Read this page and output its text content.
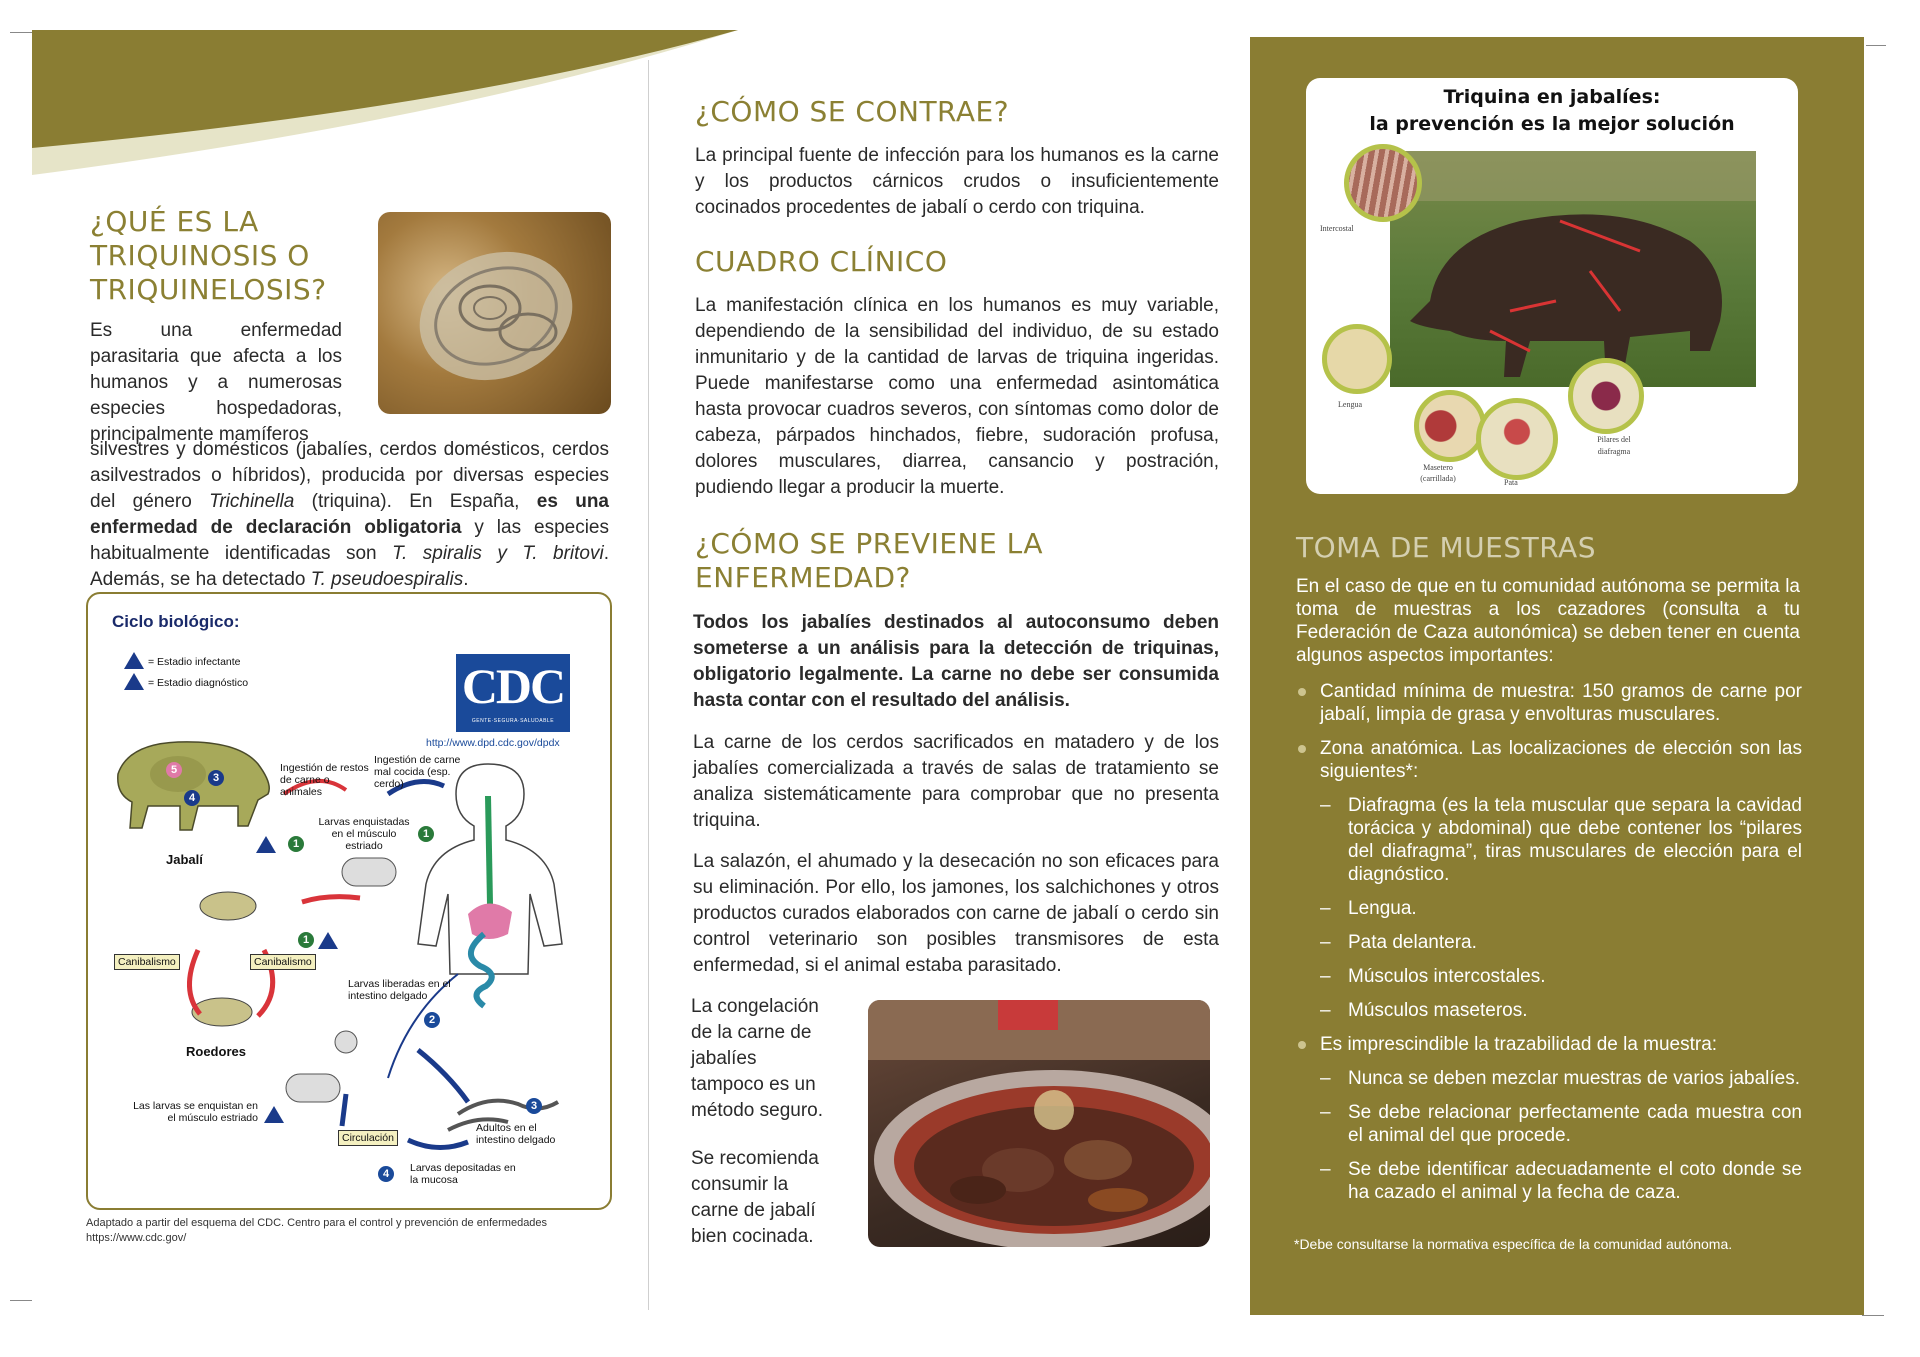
¿QUÉ ES LA
TRIQUINOSIS O
TRIQUINELOSIS?
Es una enfermedad parasitaria que afecta a los humanos y a numerosas especies hospedadoras, principalmente mamíferos
silvestres y domésticos (jabalíes, cerdos domésticos, cerdos asilvestrados o híbridos), producida por diversas especies del género Trichinella (triquina). En España, es una enfermedad de declaración obligatoria y las especies habitualmente identificadas son T. spiralis y T. britovi. Además, se ha detectado T. pseudoespiralis.
Ciclo biológico:
= Estadio infectante
= Estadio diagnóstico	CDC
GENTE·SEGURA·SALUDABLE
http://www.dpd.cdc.gov/dpdx
5
3
4
1
1
1
2
3
4
Ingestión de restos de carne o animales
Ingestión de carne mal cocida (esp. cerdo)
Larvas enquistadas en el músculo estriado
Jabalí
Canibalismo	Canibalismo
Roedores
Larvas liberadas en el intestino delgado
Adultos en el intestino delgado
Larvas depositadas en la mucosa
Circulación
Las larvas se enquistan en el músculo estriado
Adaptado a partir del esquema del CDC. Centro para el control y prevención de enfermedades
https://www.cdc.gov/
¿CÓMO SE CONTRAE?

La principal fuente de infección para los humanos es la carne y los productos cárnicos crudos o insuficientemente cocinados procedentes de jabalí o cerdo con triquina.

CUADRO CLÍNICO

La manifestación clínica en los humanos es muy variable, dependiendo de la sensibilidad del individuo, de su estado inmunitario y de la cantidad de larvas de triquina ingeridas. Puede manifestarse como una enfermedad asintomática hasta provocar cuadros severos, con síntomas como dolor de cabeza, párpados hinchados, fiebre, sudoración profusa, dolores musculares, diarrea, cansancio y postración, pudiendo llegar a producir la muerte.

¿CÓMO SE PREVIENE LA
ENFERMEDAD?

Todos los jabalíes destinados al autoconsumo deben someterse a un análisis para la detección de triquinas, obligatorio legalmente. La carne no debe ser consumida hasta contar con el resultado del análisis.

La carne de los cerdos sacrificados en matadero y de los jabalíes comercializada a través de salas de tratamiento se analiza sistemáticamente para comprobar que no presenta triquina.

La salazón, el ahumado y la desecación no son eficaces para su eliminación. Por ello, los jamones, los salchichones y otros productos curados elaborados con carne de jabalí o cerdo sin control veterinario son posibles transmisores de esta enfermedad, si el animal estaba parasitado.

La congelación de la carne de jabalíes tampoco es un método seguro.

Se recomienda consumir la carne de jabalí bien cocinada.

Triquina en jabalíes:
la prevención es la mejor solución
Intercostal
Lengua
Masetero
(carrillada)	Pata
Pilares del
diafragma
TOMA DE MUESTRAS

En el caso de que en tu comunidad autónoma se permita la toma de muestras a los cazadores (consulta a tu Federación de Caza autonómica) se deben tener en cuenta algunos aspectos importantes:

Cantidad mínima de muestra: 150 gramos de carne por jabalí, limpia de grasa y envolturas musculares.
Zona anatómica. Las localizaciones de elección son las siguientes*:
– Diafragma (es la tela muscular que separa la cavidad torácica y abdominal) que debe contener los “pilares del diafragma”, tiras musculares de elección para el diagnóstico.
– Lengua.
– Pata delantera.
– Músculos intercostales.
– Músculos maseteros.
Es imprescindible la trazabilidad de la muestra:
– Nunca se deben mezclar muestras de varios jabalíes.
– Se debe relacionar perfectamente cada muestra con el animal del que procede.
– Se debe identificar adecuadamente el coto donde se ha cazado el animal y la fecha de caza.
*Debe consultarse la normativa específica de la comunidad autónoma.
